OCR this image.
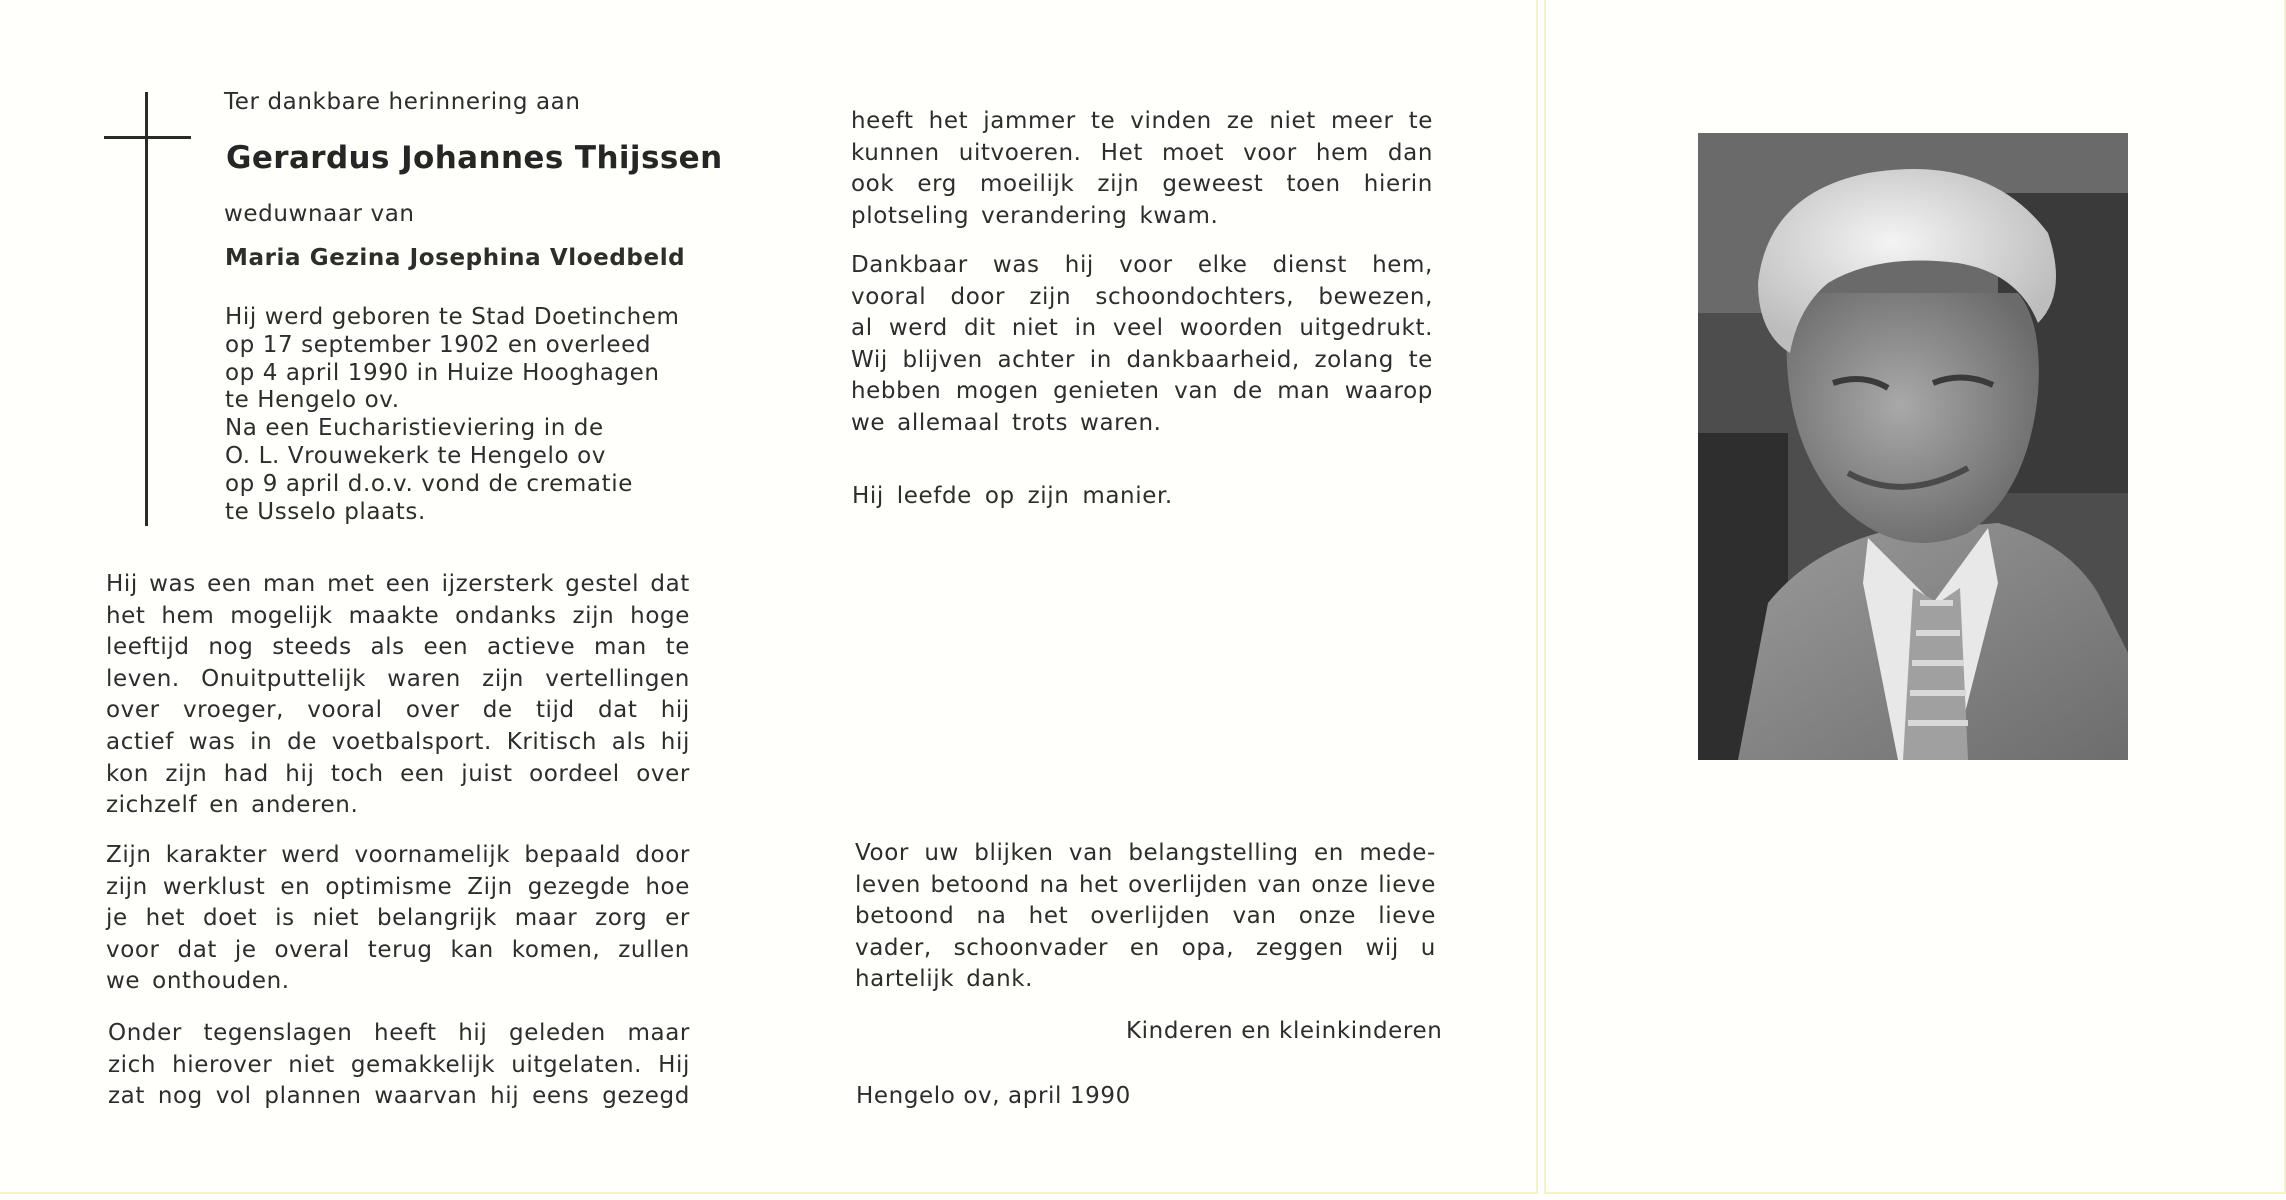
Ter dankbare herinnering aan

Gerardus Johannes Thijssen

weduwnaar van

Maria Gezina Josephina Vloedbeld

Hij werd geboren te Stad Doetinchem
op 17 september 1902 en overleed
op 4 april 1990 in Huize Hooghagen
te Hengelo ov.
Na een Eucharistieviering in de
O. L. Vrouwekerk te Hengelo ov
op 9 april d.o.v. vond de crematie
te Usselo plaats.
Hij was een man met een ijzersterk gestel dat
het hem mogelijk maakte ondanks zijn hoge
leeftijd nog steeds als een actieve man te
leven. Onuitputtelijk waren zijn vertellingen
over vroeger, vooral over de tijd dat hij
actief was in de voetbalsport. Kritisch als hij
kon zijn had hij toch een juist oordeel over
zichzelf en anderen.
Zijn karakter werd voornamelijk bepaald door
zijn werklust en optimisme Zijn gezegde hoe
je het doet is niet belangrijk maar zorg er
voor dat je overal terug kan komen, zullen
we onthouden.
Onder tegenslagen heeft hij geleden maar
zich hierover niet gemakkelijk uitgelaten. Hij
zat nog vol plannen waarvan hij eens gezegd
heeft het jammer te vinden ze niet meer te
kunnen uitvoeren. Het moet voor hem dan
ook erg moeilijk zijn geweest toen hierin
plotseling verandering kwam.
Dankbaar was hij voor elke dienst hem,
vooral door zijn schoondochters, bewezen,
al werd dit niet in veel woorden uitgedrukt.
Wij blijven achter in dankbaarheid, zolang te
hebben mogen genieten van de man waarop
we allemaal trots waren.

Hij leefde op zijn manier.

Voor uw blijken van belangstelling en mede-
leven betoond na het overlijden van onze lieve
betoond na het overlijden van onze lieve
vader, schoonvader en opa, zeggen wij u
hartelijk dank.

Kinderen en kleinkinderen

Hengelo ov, april 1990
